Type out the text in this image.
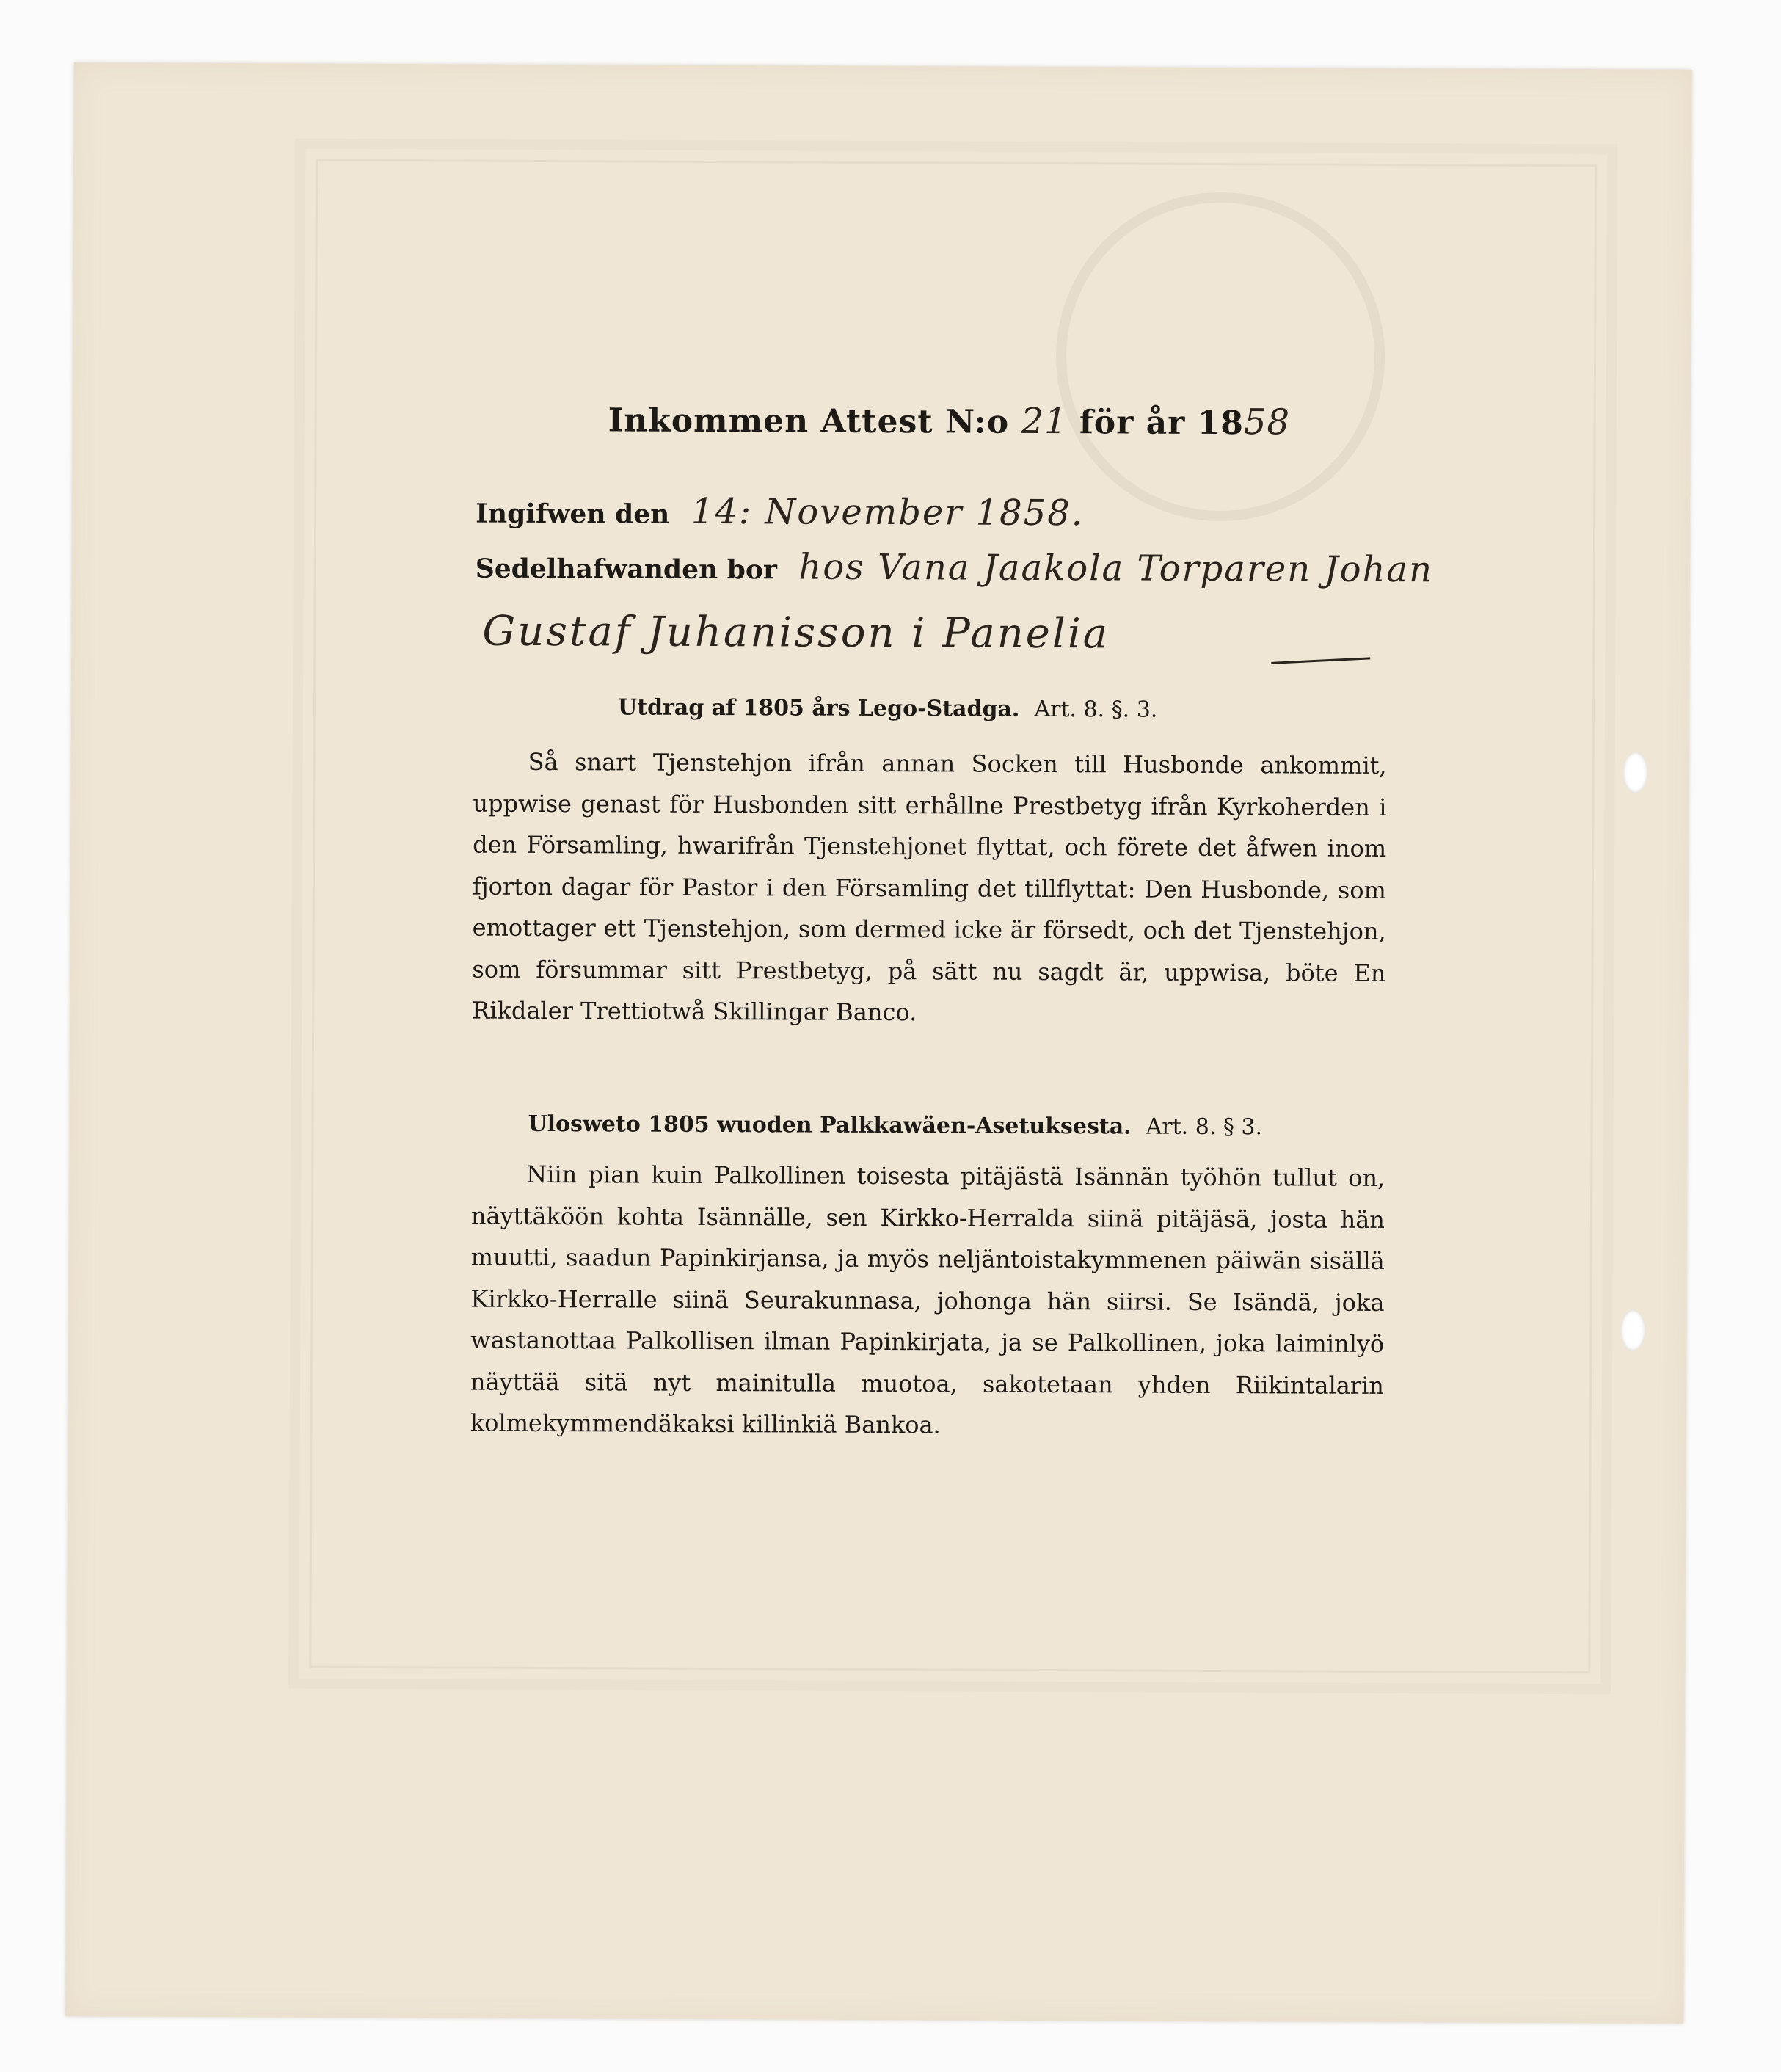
Inkommen Attest N:o 21 för år 1858
Ingifwen den 14: November 1858.
Sedelhafwanden bor hos Vana Jaakola Torparen Johan
Gustaf Juhanisson i Panelia
Utdrag af 1805 års Lego-Stadga. Art. 8. §. 3.
Så snart Tjenstehjon ifrån annan Socken till Husbonde ankommit, uppwise genast för Husbonden sitt erhållne Prestbetyg ifrån Kyrkoherden i den Församling, hwarifrån Tjenstehjonet flyttat, och förete det åfwen inom fjorton dagar för Pastor i den Församling det tillflyttat: Den Husbonde, som emottager ett Tjenstehjon, som dermed icke är försedt, och det Tjenstehjon, som försummar sitt Prestbetyg, på sätt nu sagdt är, uppwisa, böte En Rikdaler Trettiotwå Skillingar Banco.
Ulosweto 1805 wuoden Palkkawäen-Asetuksesta. Art. 8. § 3.
Niin pian kuin Palkollinen toisesta pitäjästä Isännän työhön tullut on, näyttäköön kohta Isännälle, sen Kirkko-Herralda siinä pitäjäsä, josta hän muutti, saadun Papinkirjansa, ja myös neljäntoistakymmenen päiwän sisällä Kirkko-Herralle siinä Seurakunnasa, johonga hän siirsi. Se Isändä, joka wastanottaa Palkollisen ilman Papinkirjata, ja se Palkollinen, joka laiminlyö näyttää sitä nyt mainitulla muotoa, sakotetaan yhden Riikintalarin kolmekymmendäkaksi killinkiä Bankoa.
